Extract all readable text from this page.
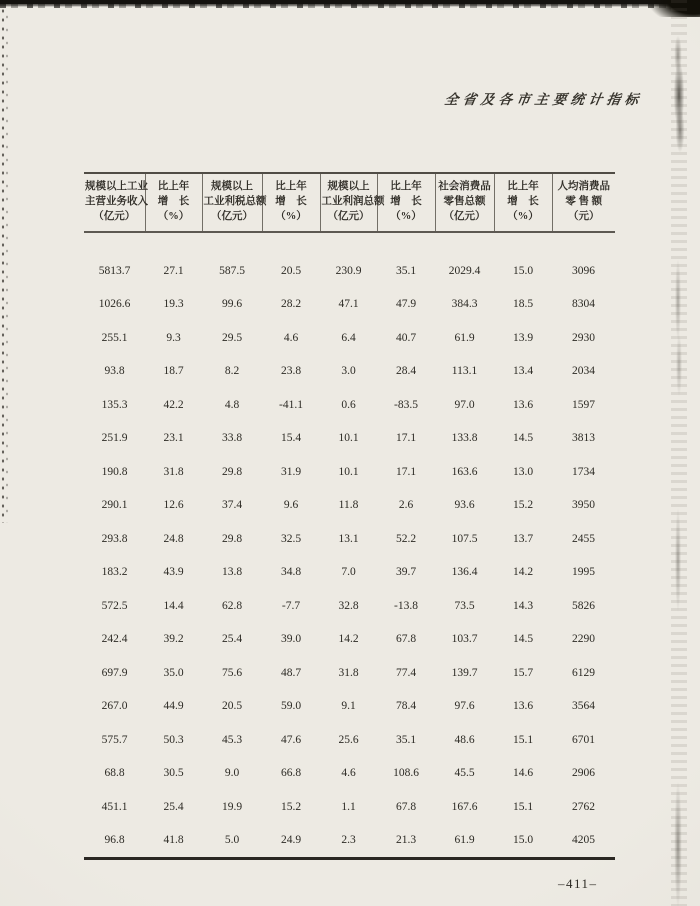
全省及各市主要统计指标
规模以上工业
主营业务收入
（亿元）	比上年
增　长
（%）	规模以上
工业利税总额
（亿元）	比上年
增　长
（%）	规模以上
工业利润总额
（亿元）	比上年
增　长
（%）	社会消费品
零售总额
（亿元）	比上年
增　长
（%）	人均消费品
零 售 额
（元）

5813.7	27.1	587.5	20.5	230.9	35.1	2029.4	15.0	3096
1026.6	19.3	99.6	28.2	47.1	47.9	384.3	18.5	8304
255.1	9.3	29.5	4.6	6.4	40.7	61.9	13.9	2930
93.8	18.7	8.2	23.8	3.0	28.4	113.1	13.4	2034
135.3	42.2	4.8	-41.1	0.6	-83.5	97.0	13.6	1597
251.9	23.1	33.8	15.4	10.1	17.1	133.8	14.5	3813
190.8	31.8	29.8	31.9	10.1	17.1	163.6	13.0	1734
290.1	12.6	37.4	9.6	11.8	2.6	93.6	15.2	3950
293.8	24.8	29.8	32.5	13.1	52.2	107.5	13.7	2455
183.2	43.9	13.8	34.8	7.0	39.7	136.4	14.2	1995
572.5	14.4	62.8	-7.7	32.8	-13.8	73.5	14.3	5826
242.4	39.2	25.4	39.0	14.2	67.8	103.7	14.5	2290
697.9	35.0	75.6	48.7	31.8	77.4	139.7	15.7	6129
267.0	44.9	20.5	59.0	9.1	78.4	97.6	13.6	3564
575.7	50.3	45.3	47.6	25.6	35.1	48.6	15.1	6701
68.8	30.5	9.0	66.8	4.6	108.6	45.5	14.6	2906
451.1	25.4	19.9	15.2	1.1	67.8	167.6	15.1	2762
96.8	41.8	5.0	24.9	2.3	21.3	61.9	15.0	4205
–411–
